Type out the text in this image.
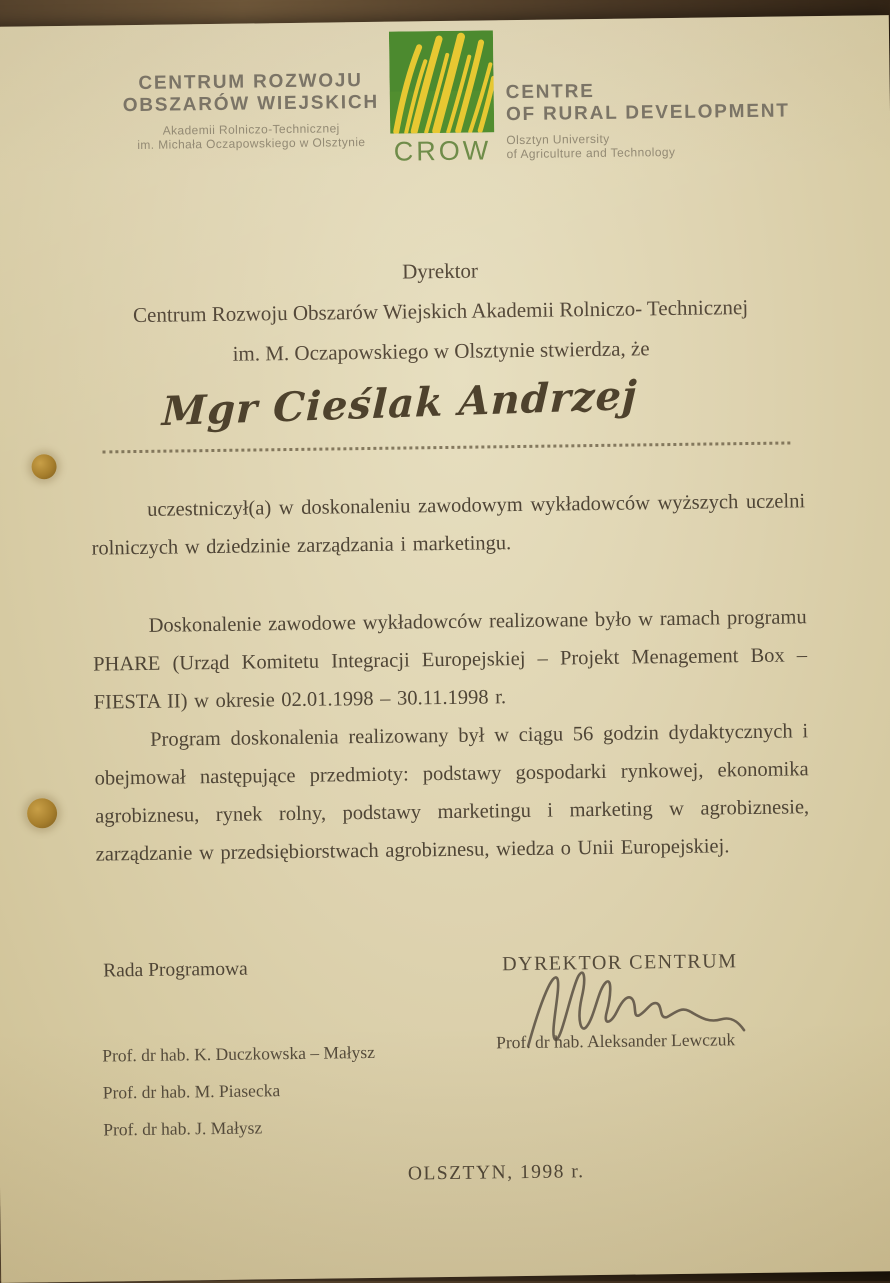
CENTRUM ROZWOJU
OBSZARÓW WIEJSKICH
Akademii Rolniczo-Technicznej
im. Michała Oczapowskiego w Olsztynie	CROW
CENTRE
OF RURAL DEVELOPMENT
Olsztyn University
of Agriculture and Technology
Dyrektor
Centrum Rozwoju Obszarów Wiejskich Akademii Rolniczo- Technicznej
im. M. Oczapowskiego w Olsztynie stwierdza, że
Mgr Cieślak Andrzej

uczestniczył(a) w doskonaleniu zawodowym wykładowców wyższych uczelni rolniczych w dziedzinie zarządzania i marketingu.

Doskonalenie zawodowe wykładowców realizowane było w ramach programu PHARE (Urząd Komitetu Integracji Europejskiej – Projekt Menagement Box – FIESTA II) w okresie 02.01.1998 – 30.11.1998 r.

Program doskonalenia realizowany był w ciągu 56 godzin dydaktycznych i obejmował następujące przedmioty: podstawy gospodarki rynkowej, ekonomika agrobiznesu, rynek rolny, podstawy marketingu i marketing w agrobiznesie, zarządzanie w przedsiębiorstwach agrobiznesu, wiedza o Unii Europejskiej.

Rada Programowa	DYREKTOR CENTRUM
Prof. dr hab. Aleksander Lewczuk
Prof. dr hab. K. Duczkowska – Małysz
Prof. dr hab. M. Piasecka
Prof. dr hab. J. Małysz
OLSZTYN, 1998 r.
